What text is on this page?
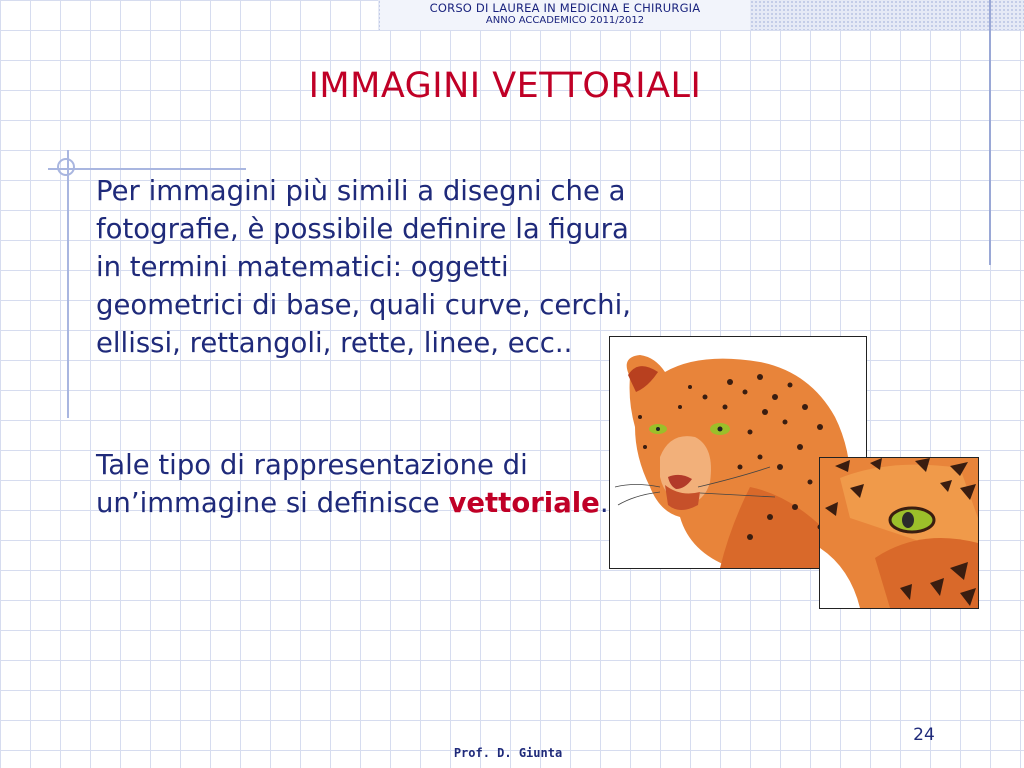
CORSO DI LAUREA IN MEDICINA E CHIRURGIA
ANNO ACCADEMICO 2011/2012
IMMAGINI VETTORIALI
Per immagini più simili a disegni che a fotografie, è possibile definire la figura in termini matematici: oggetti geometrici di base, quali curve, cerchi, ellissi, rettangoli, rette, linee, ecc..
Tale tipo di rappresentazione di un’immagine si definisce vettoriale.
24
Prof. D. Giunta
